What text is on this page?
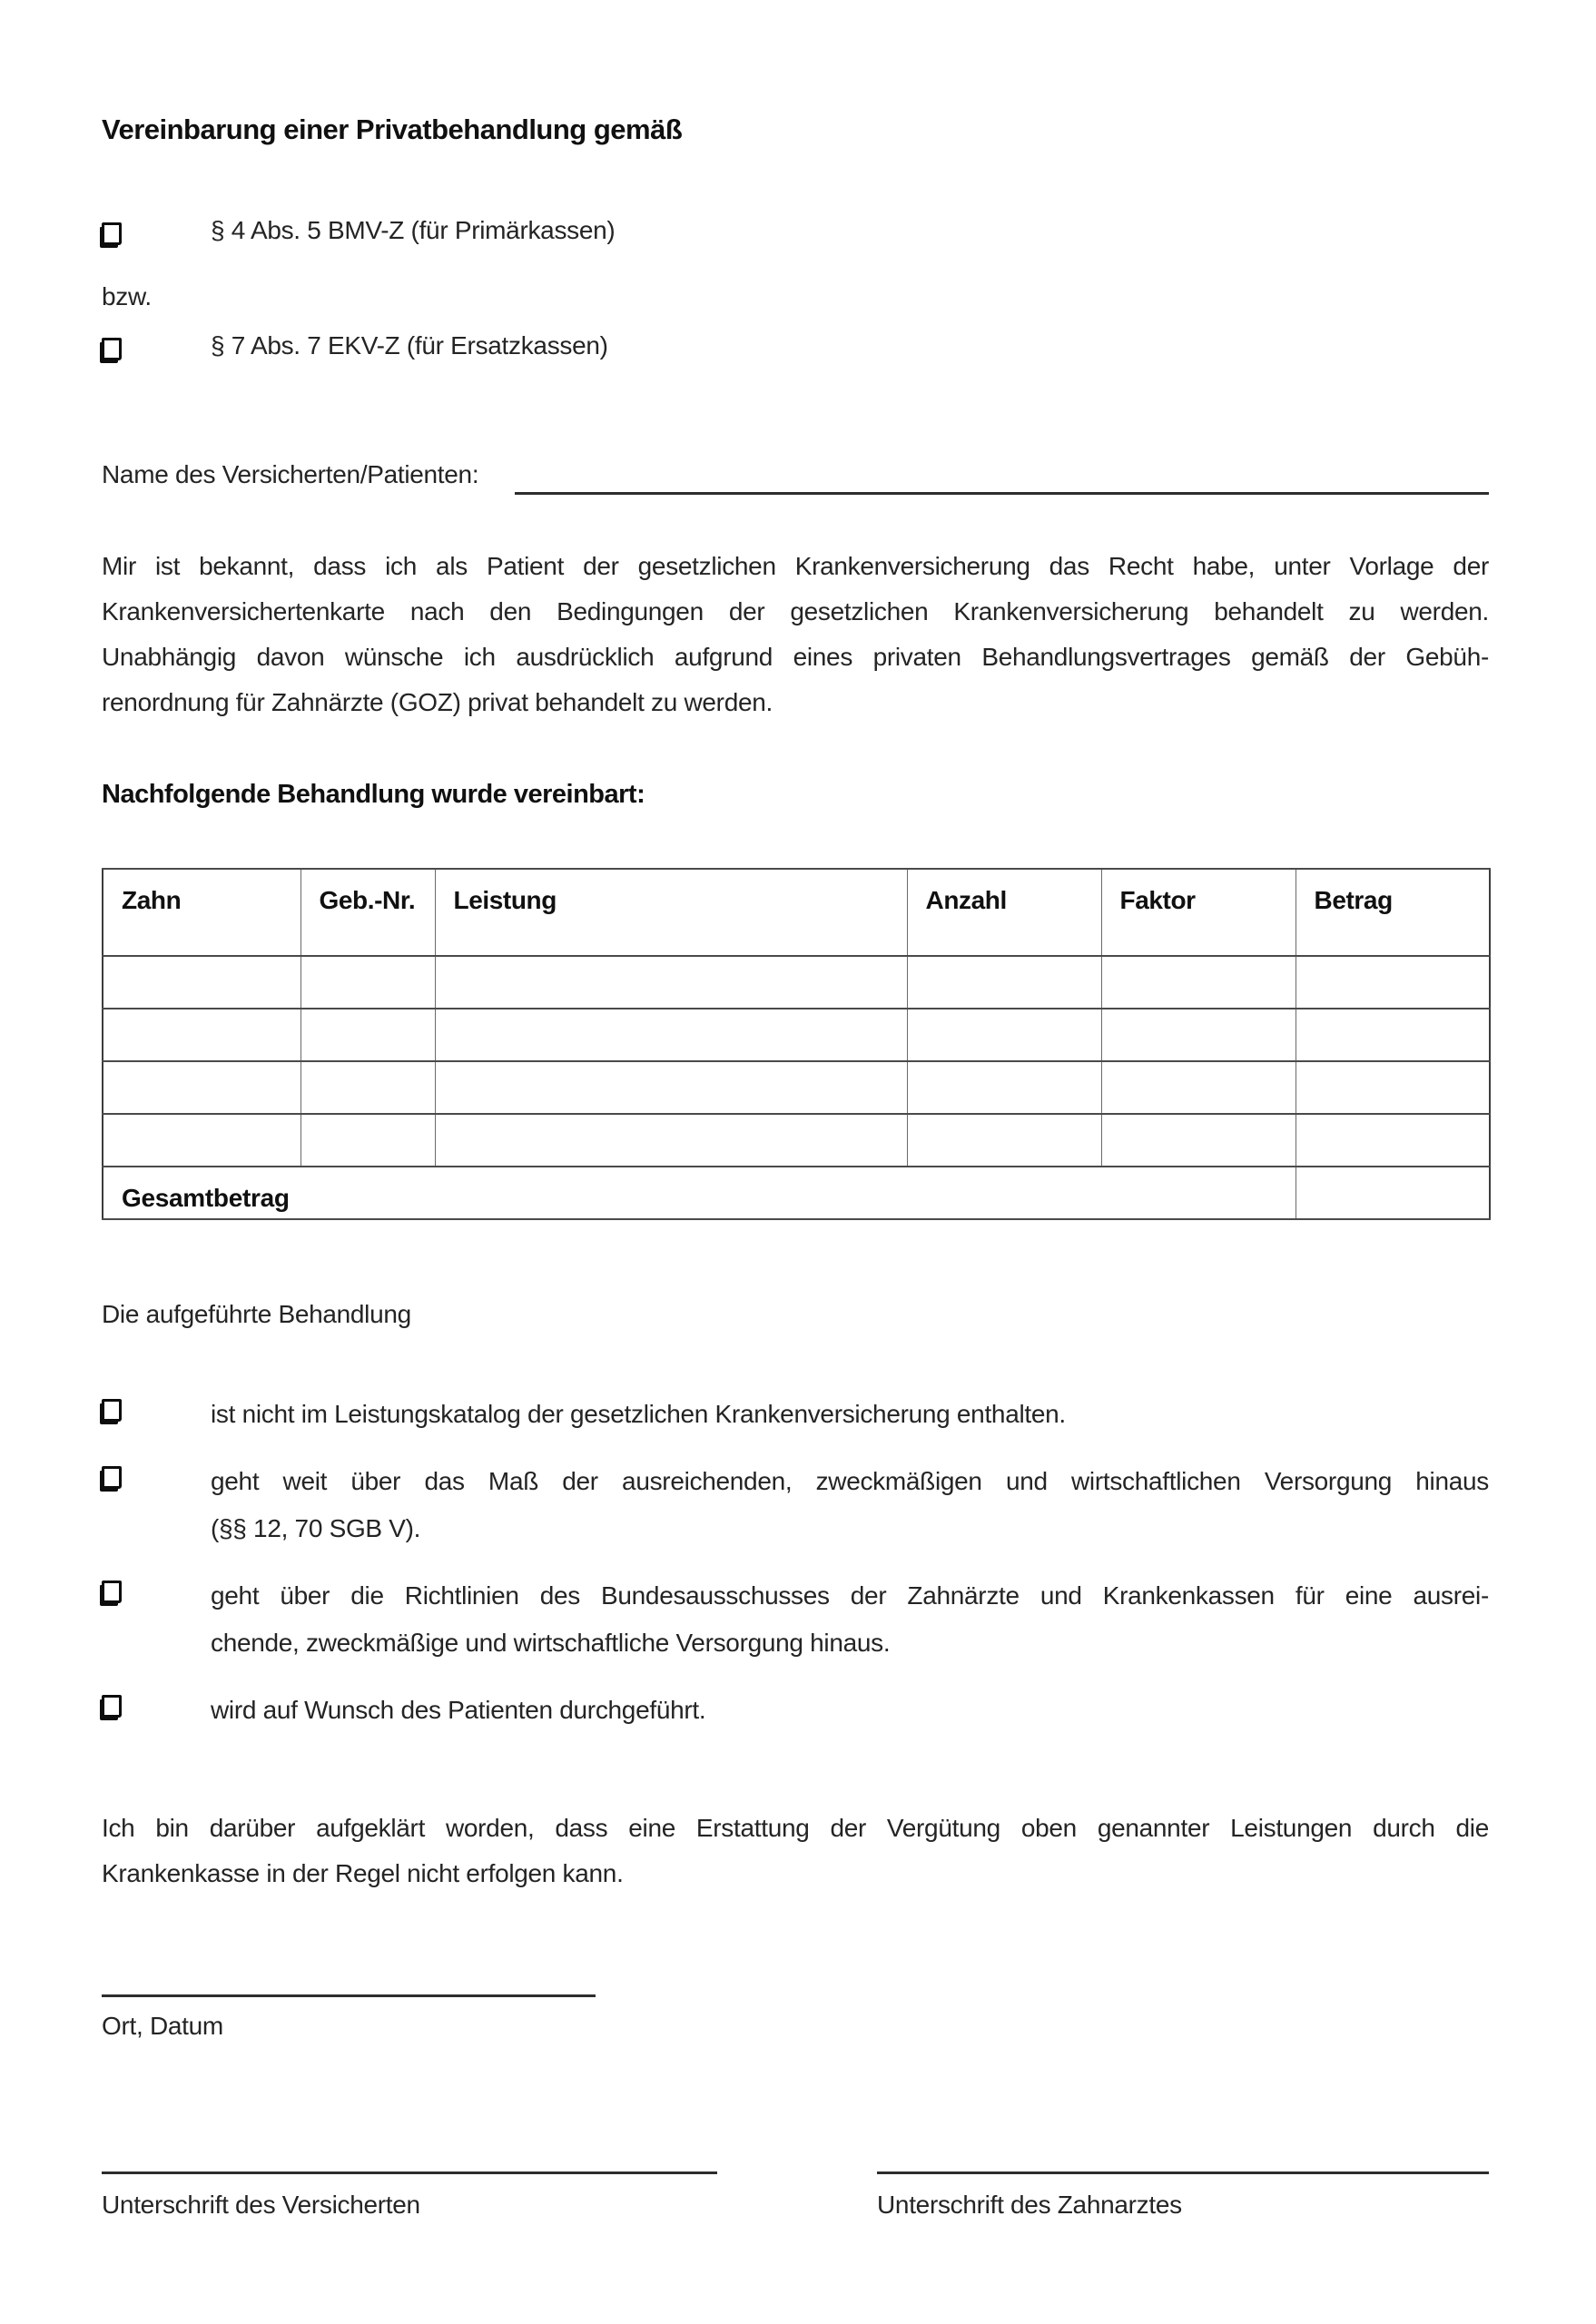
Vereinbarung einer Privatbehandlung gemäß
§ 4 Abs. 5 BMV-Z (für Primärkassen)
bzw.
§ 7 Abs. 7 EKV-Z (für Ersatzkassen)
Name des Versicherten/Patienten:
Mir ist bekannt, dass ich als Patient der gesetzlichen Krankenversicherung das Recht habe, unter Vorlage der
Krankenversichertenkarte nach den Bedingungen der gesetzlichen Krankenversicherung behandelt zu werden.
Unabhängig davon wünsche ich ausdrücklich aufgrund eines privaten Behandlungsvertrages gemäß der Gebüh-
renordnung für Zahnärzte (GOZ) privat behandelt zu werden.
Nachfolgende Behandlung wurde vereinbart:
Zahn	Geb.-Nr.	Leistung	Anzahl	Faktor	Betrag

Gesamtbetrag					
Die aufgeführte Behandlung
ist nicht im Leistungskatalog der gesetzlichen Krankenversicherung enthalten.
geht weit über das Maß der ausreichenden, zweckmäßigen und wirtschaftlichen Versorgung hinaus
(§§ 12, 70 SGB V).
geht über die Richtlinien des Bundesausschusses der Zahnärzte und Krankenkassen für eine ausrei-
chende, zweckmäßige und wirtschaftliche Versorgung hinaus.
wird auf Wunsch des Patienten durchgeführt.
Ich bin darüber aufgeklärt worden, dass eine Erstattung der Vergütung oben genannter Leistungen durch die
Krankenkasse in der Regel nicht erfolgen kann.
Ort, Datum
Unterschrift des Versicherten	Unterschrift des Zahnarztes
